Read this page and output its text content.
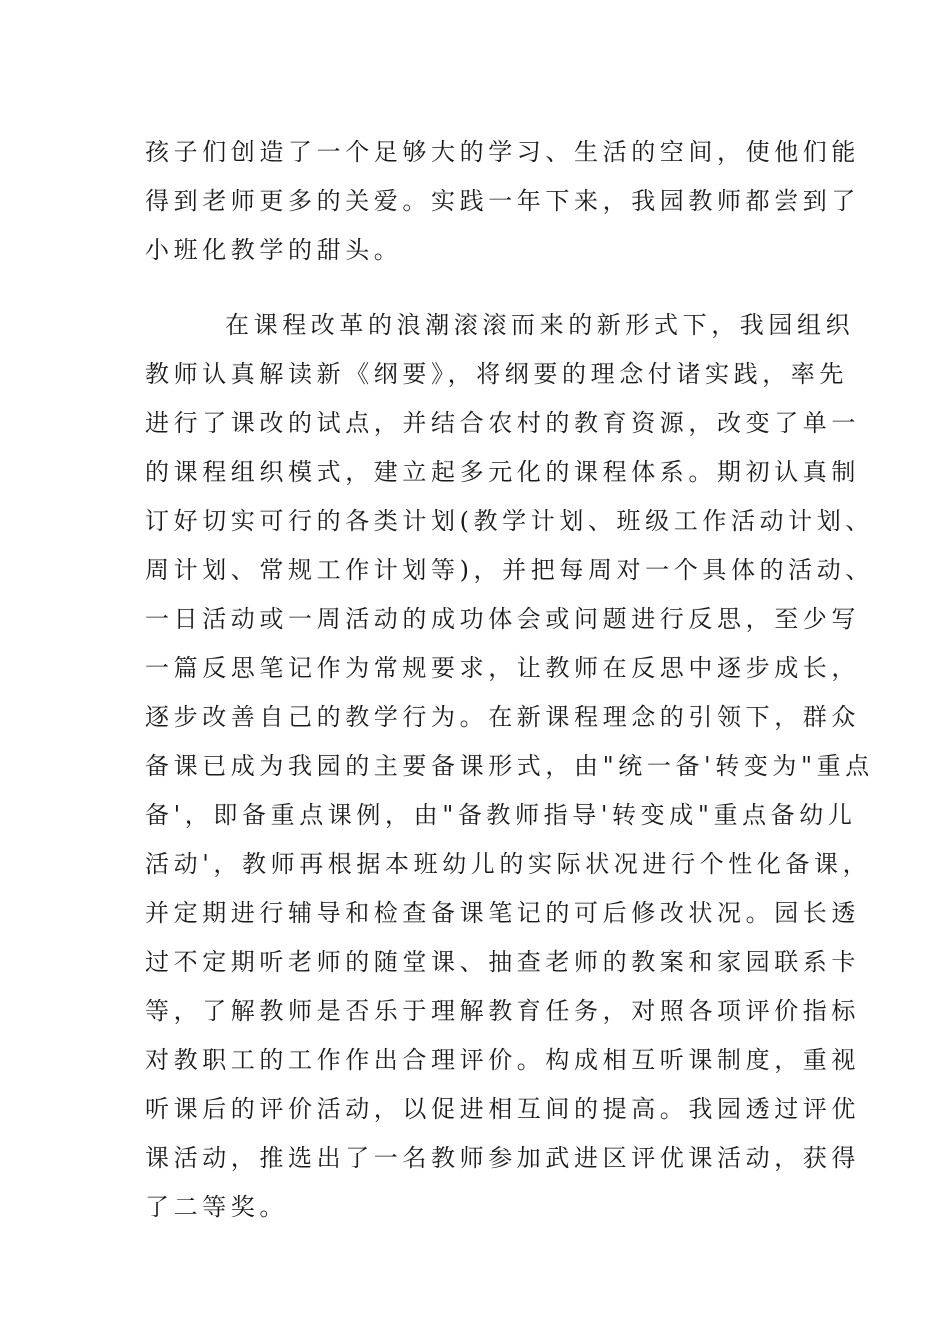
孩子们创造了一个足够大的学习、生活的空间，使他们能
得到老师更多的关爱。实践一年下来，我园教师都尝到了
小班化教学的甜头。
在课程改革的浪潮滚滚而来的新形式下，我园组织
教师认真解读新《纲要》，将纲要的理念付诸实践，率先
进行了课改的试点，并结合农村的教育资源，改变了单一
的课程组织模式，建立起多元化的课程体系。期初认真制
订好切实可行的各类计划(教学计划、班级工作活动计划、
周计划、常规工作计划等)，并把每周对一个具体的活动、
一日活动或一周活动的成功体会或问题进行反思，至少写
一篇反思笔记作为常规要求，让教师在反思中逐步成长，
逐步改善自己的教学行为。在新课程理念的引领下，群众
备课已成为我园的主要备课形式，由"统一备'转变为"重点
备'，即备重点课例，由"备教师指导'转变成"重点备幼儿
活动'，教师再根据本班幼儿的实际状况进行个性化备课，
并定期进行辅导和检查备课笔记的可后修改状况。园长透
过不定期听老师的随堂课、抽查老师的教案和家园联系卡
等，了解教师是否乐于理解教育任务，对照各项评价指标
对教职工的工作作出合理评价。构成相互听课制度，重视
听课后的评价活动，以促进相互间的提高。我园透过评优
课活动，推选出了一名教师参加武进区评优课活动，获得
了二等奖。
